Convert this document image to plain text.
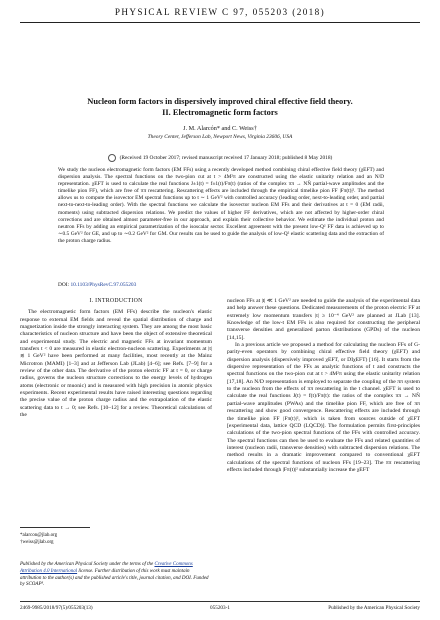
PHYSICAL REVIEW C 97, 055203 (2018)
Nucleon form factors in dispersively improved chiral effective field theory.
II. Electromagnetic form factors
J. M. Alarcón* and C. Weiss†
Theory Center, Jefferson Lab, Newport News, Virginia 23606, USA
(Received 19 October 2017; revised manuscript received 17 January 2018; published 8 May 2018)
We study the nucleon electromagnetic form factors (EM FFs) using a recently developed method combining chiral effective field theory (χEFT) and dispersion analysis. The spectral functions on the two-pion cut at t > 4M²π are constructed using the elastic unitarity relation and an N/D representation. χEFT is used to calculate the real functions J±1(t) = f±1(t)/Fπ(t) (ratios of the complex ππ → NN̄ partial-wave amplitudes and the timelike pion FF), which are free of ππ rescattering. Rescattering effects are included through the empirical timelike pion FF |Fπ(t)|². The method allows us to compute the isovector EM spectral functions up to t ∼ 1 GeV² with controlled accuracy (leading order, next-to-leading order, and partial next-to-next-to-leading order). With the spectral functions we calculate the isovector nucleon EM FFs and their derivatives at t = 0 (EM radii, moments) using subtracted dispersion relations. We predict the values of higher FF derivatives, which are not affected by higher-order chiral corrections and are obtained almost parameter-free in our approach, and explain their collective behavior. We estimate the individual proton and neutron FFs by adding an empirical parametrization of the isoscalar sector. Excellent agreement with the present low-Q² FF data is achieved up to ∼0.5 GeV² for GE, and up to ∼0.2 GeV² for GM. Our results can be used to guide the analysis of low-Q² elastic scattering data and the extraction of the proton charge radius.
DOI: 10.1103/PhysRevC.97.055203
I. INTRODUCTION

The electromagnetic form factors (EM FFs) describe the nucleon's elastic response to external EM fields and reveal the spatial distribution of charge and magnetization inside the strongly interacting system. They are among the most basic characteristics of nucleon structure and have been the object of extensive theoretical and experimental study. The electric and magnetic FFs at invariant momentum transfers t < 0 are measured in elastic electron-nucleon scattering. Experiments at |t| ≲ 1 GeV² have been performed at many facilities, most recently at the Mainz Microtron (MAMI) [1–3] and at Jefferson Lab (JLab) [4–6]; see Refs. [7–9] for a review of the other data. The derivative of the proton electric FF at t = 0, or charge radius, governs the nucleon structure corrections to the energy levels of hydrogen atoms (electronic or muonic) and is measured with high precision in atomic physics experiments. Recent experimental results have raised interesting questions regarding the precise value of the proton charge radius and the extrapolation of the elastic scattering data to t → 0; see Refs. [10–12] for a review. Theoretical calculations of the

*alarcon@jlab.org
†weiss@jlab.org
Published by the American Physical Society under the terms of the Creative Commons Attribution 4.0 International license. Further distribution of this work must maintain attribution to the author(s) and the published article's title, journal citation, and DOI. Funded by SCOAP³.

nucleon FFs at |t| ≪ 1 GeV² are needed to guide the analysis of the experimental data and help answer these questions. Dedicated measurements of the proton electric FF at extremely low momentum transfers |t| ≥ 10⁻⁴ GeV² are planned at JLab [13]. Knowledge of the low-t EM FFs is also required for constructing the peripheral transverse densities and generalized parton distributions (GPDs) of the nucleon [14,15].

In a previous article we proposed a method for calculating the nucleon FFs of G-parity-even operators by combining chiral effective field theory (χEFT) and dispersion analysis (dispersively improved χEFT, or DIχEFT) [16]. It starts from the dispersive representation of the FFs as analytic functions of t and constructs the spectral functions on the two-pion cut at t > 4M²π using the elastic unitarity relation [17,18]. An N/D representation is employed to separate the coupling of the ππ system to the nucleon from the effects of ππ rescattering in the t channel. χEFT is used to calculate the real functions J(t) = f(t)/Fπ(t): the ratios of the complex ππ → NN̄ partial-wave amplitudes (PWAs) and the timelike pion FF, which are free of ππ rescattering and show good convergence. Rescattering effects are included through the timelike pion FF |Fπ(t)|², which is taken from sources outside of χEFT [experimental data, lattice QCD (LQCD)]. The formulation permits first-principles calculations of the two-pion spectral functions of the FFs with controlled accuracy. The spectral functions can then be used to evaluate the FFs and related quantities of interest (nucleon radii, transverse densities) with subtracted dispersion relations. The method results in a dramatic improvement compared to conventional χEFT calculations of the spectral functions of nucleon FFs [19–23]. The ππ rescattering effects included through |Fπ(t)|² substantially increase the χEFT

2469-9985/2018/97(5)/055203(13)	055203-1	Published by the American Physical Society
